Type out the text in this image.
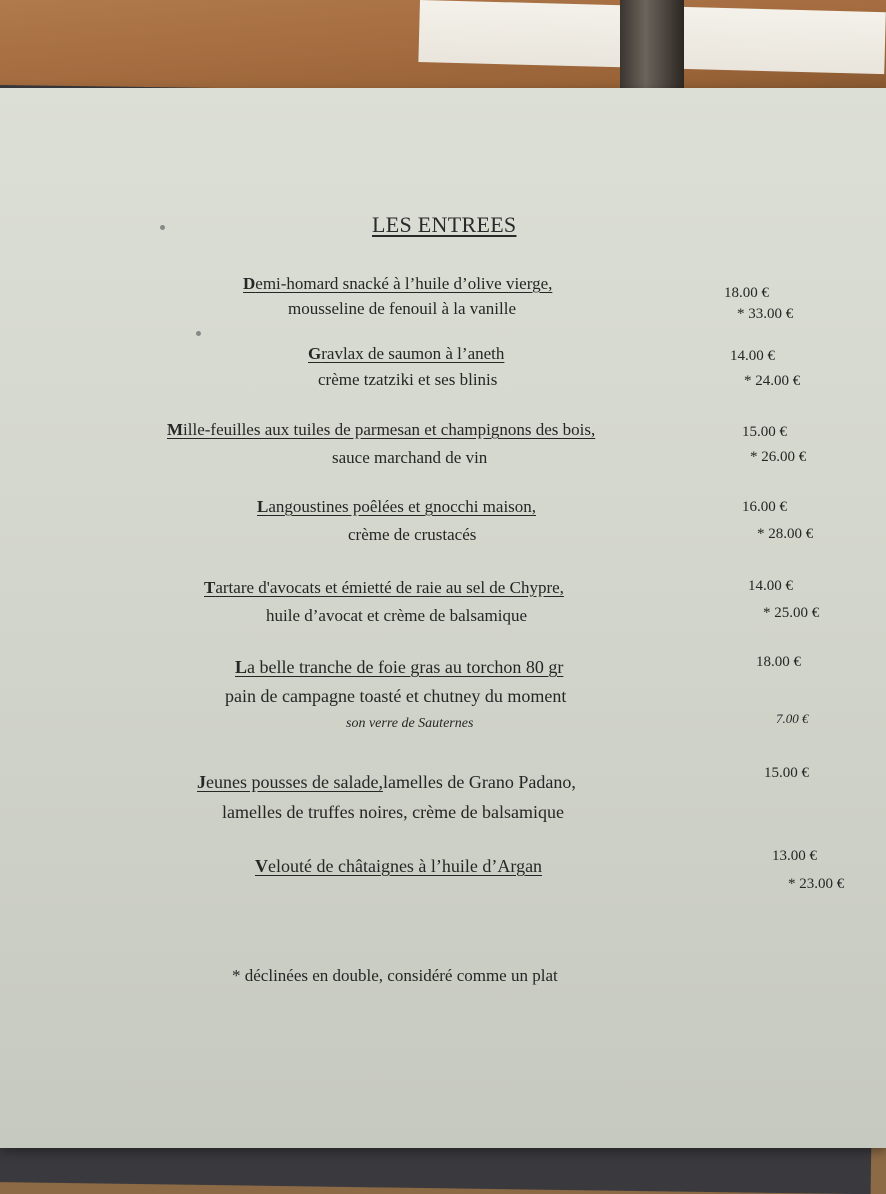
LES ENTREES
Demi-homard snacké à l’huile d’olive vierge,
mousseline de fenouil à la vanille
18.00 €
* 33.00 €
Gravlax de saumon à l’aneth
crème tzatziki et ses blinis
14.00 €
* 24.00 €
Mille-feuilles aux tuiles de parmesan et champignons des bois,
sauce marchand de vin
15.00 €
* 26.00 €
Langoustines poêlées et gnocchi maison,
crème de crustacés
16.00 €
* 28.00 €
Tartare d'avocats et émietté de raie au sel de Chypre,
huile d’avocat et crème de balsamique
14.00 €
* 25.00 €
La belle tranche de foie gras au torchon 80 gr
pain de campagne toasté et chutney du moment
son verre de Sauternes
18.00 €
7.00 €
Jeunes pousses de salade,lamelles de Grano Padano,
lamelles de truffes noires, crème de balsamique
15.00 €
Velouté de châtaignes à l’huile d’Argan	13.00 €
* 23.00 €
* déclinées en double, considéré comme un plat
